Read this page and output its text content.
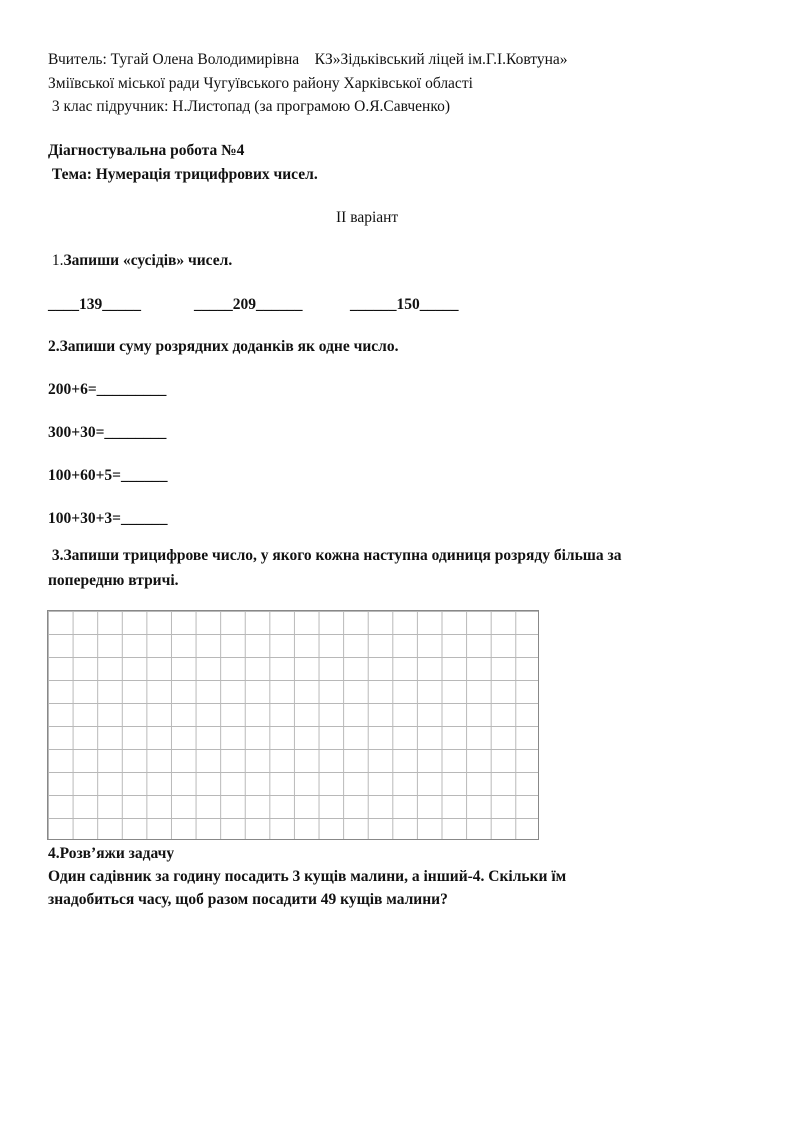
Вчитель: Тугай Олена Володимирівна    КЗ»Зідьківський ліцей ім.Г.І.Ковтуна»
Зміївської міської ради Чугуївського району Харківської області
3 клас підручник: Н.Листопад (за програмою О.Я.Савченко)
Діагностувальна робота №4
Тема: Нумерація трицифрових чисел.
ІІ варіант
1.Запиши «сусідів» чисел.
____139_____	_____209______	______150_____
2.Запиши суму розрядних доданків як одне число.
200+6=_________
300+30=________
100+60+5=______
100+30+3=______
3.Запиши трицифрове число, у якого кожна наступна одиниця розряду більша за
попередню втричі.
4.Розв’яжи задачу
Один садівник за годину посадить 3 кущів малини, а інший-4. Скільки їм
знадобиться часу, щоб разом посадити 49 кущів малини?
